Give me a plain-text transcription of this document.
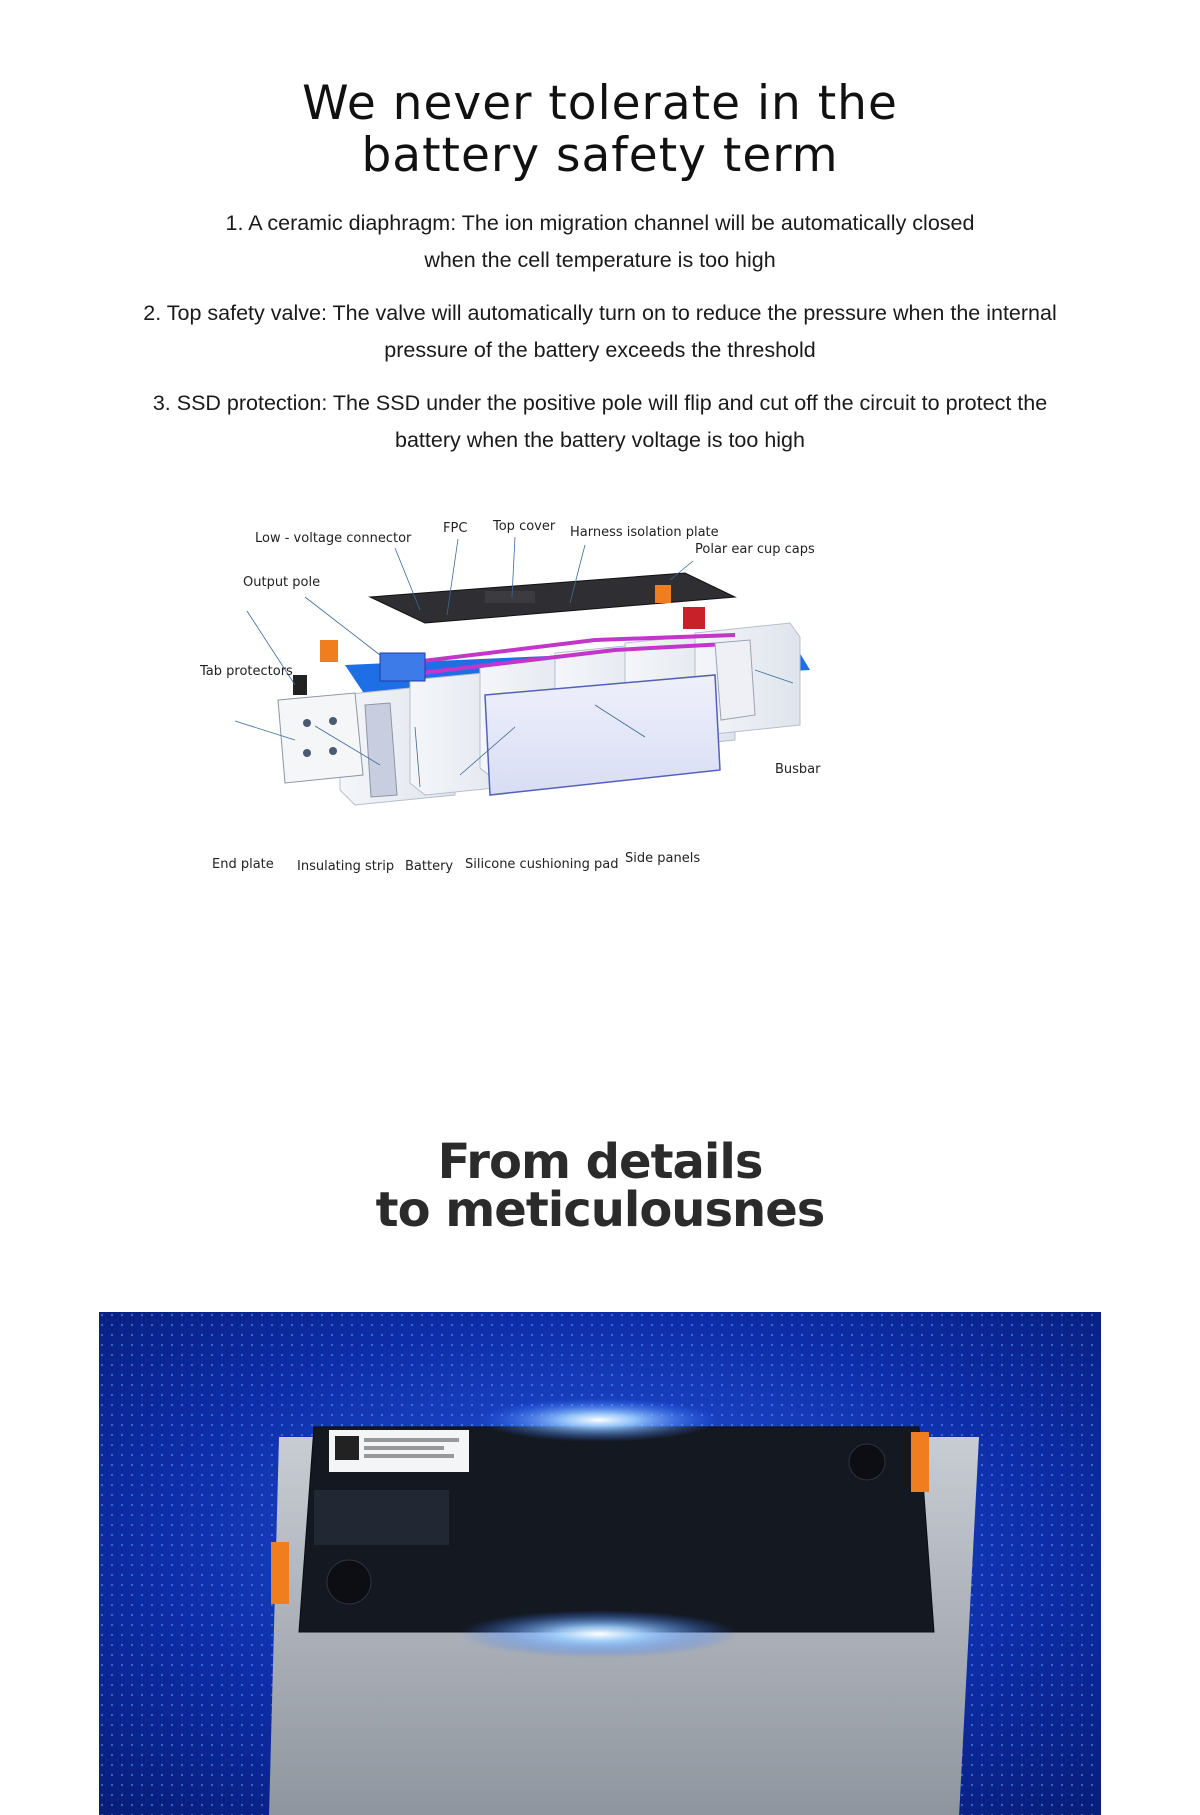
We never tolerate in the
battery safety term
1. A ceramic diaphragm: The ion migration channel will be automatically closed
when the cell temperature is too high
2. Top safety valve: The valve will automatically turn on to reduce the pressure when the internal
pressure of the battery exceeds the threshold
3. SSD protection: The SSD under the positive pole will flip and cut off the circuit to protect the
battery when the battery voltage is too high
Low - voltage connector
FPC Top cover Harness isolation plate
Polar ear cup caps
Output pole
Tab protectors
Busbar
End plate Insulating strip Battery Silicone cushioning pad Side panels
From details
to meticulousnes
